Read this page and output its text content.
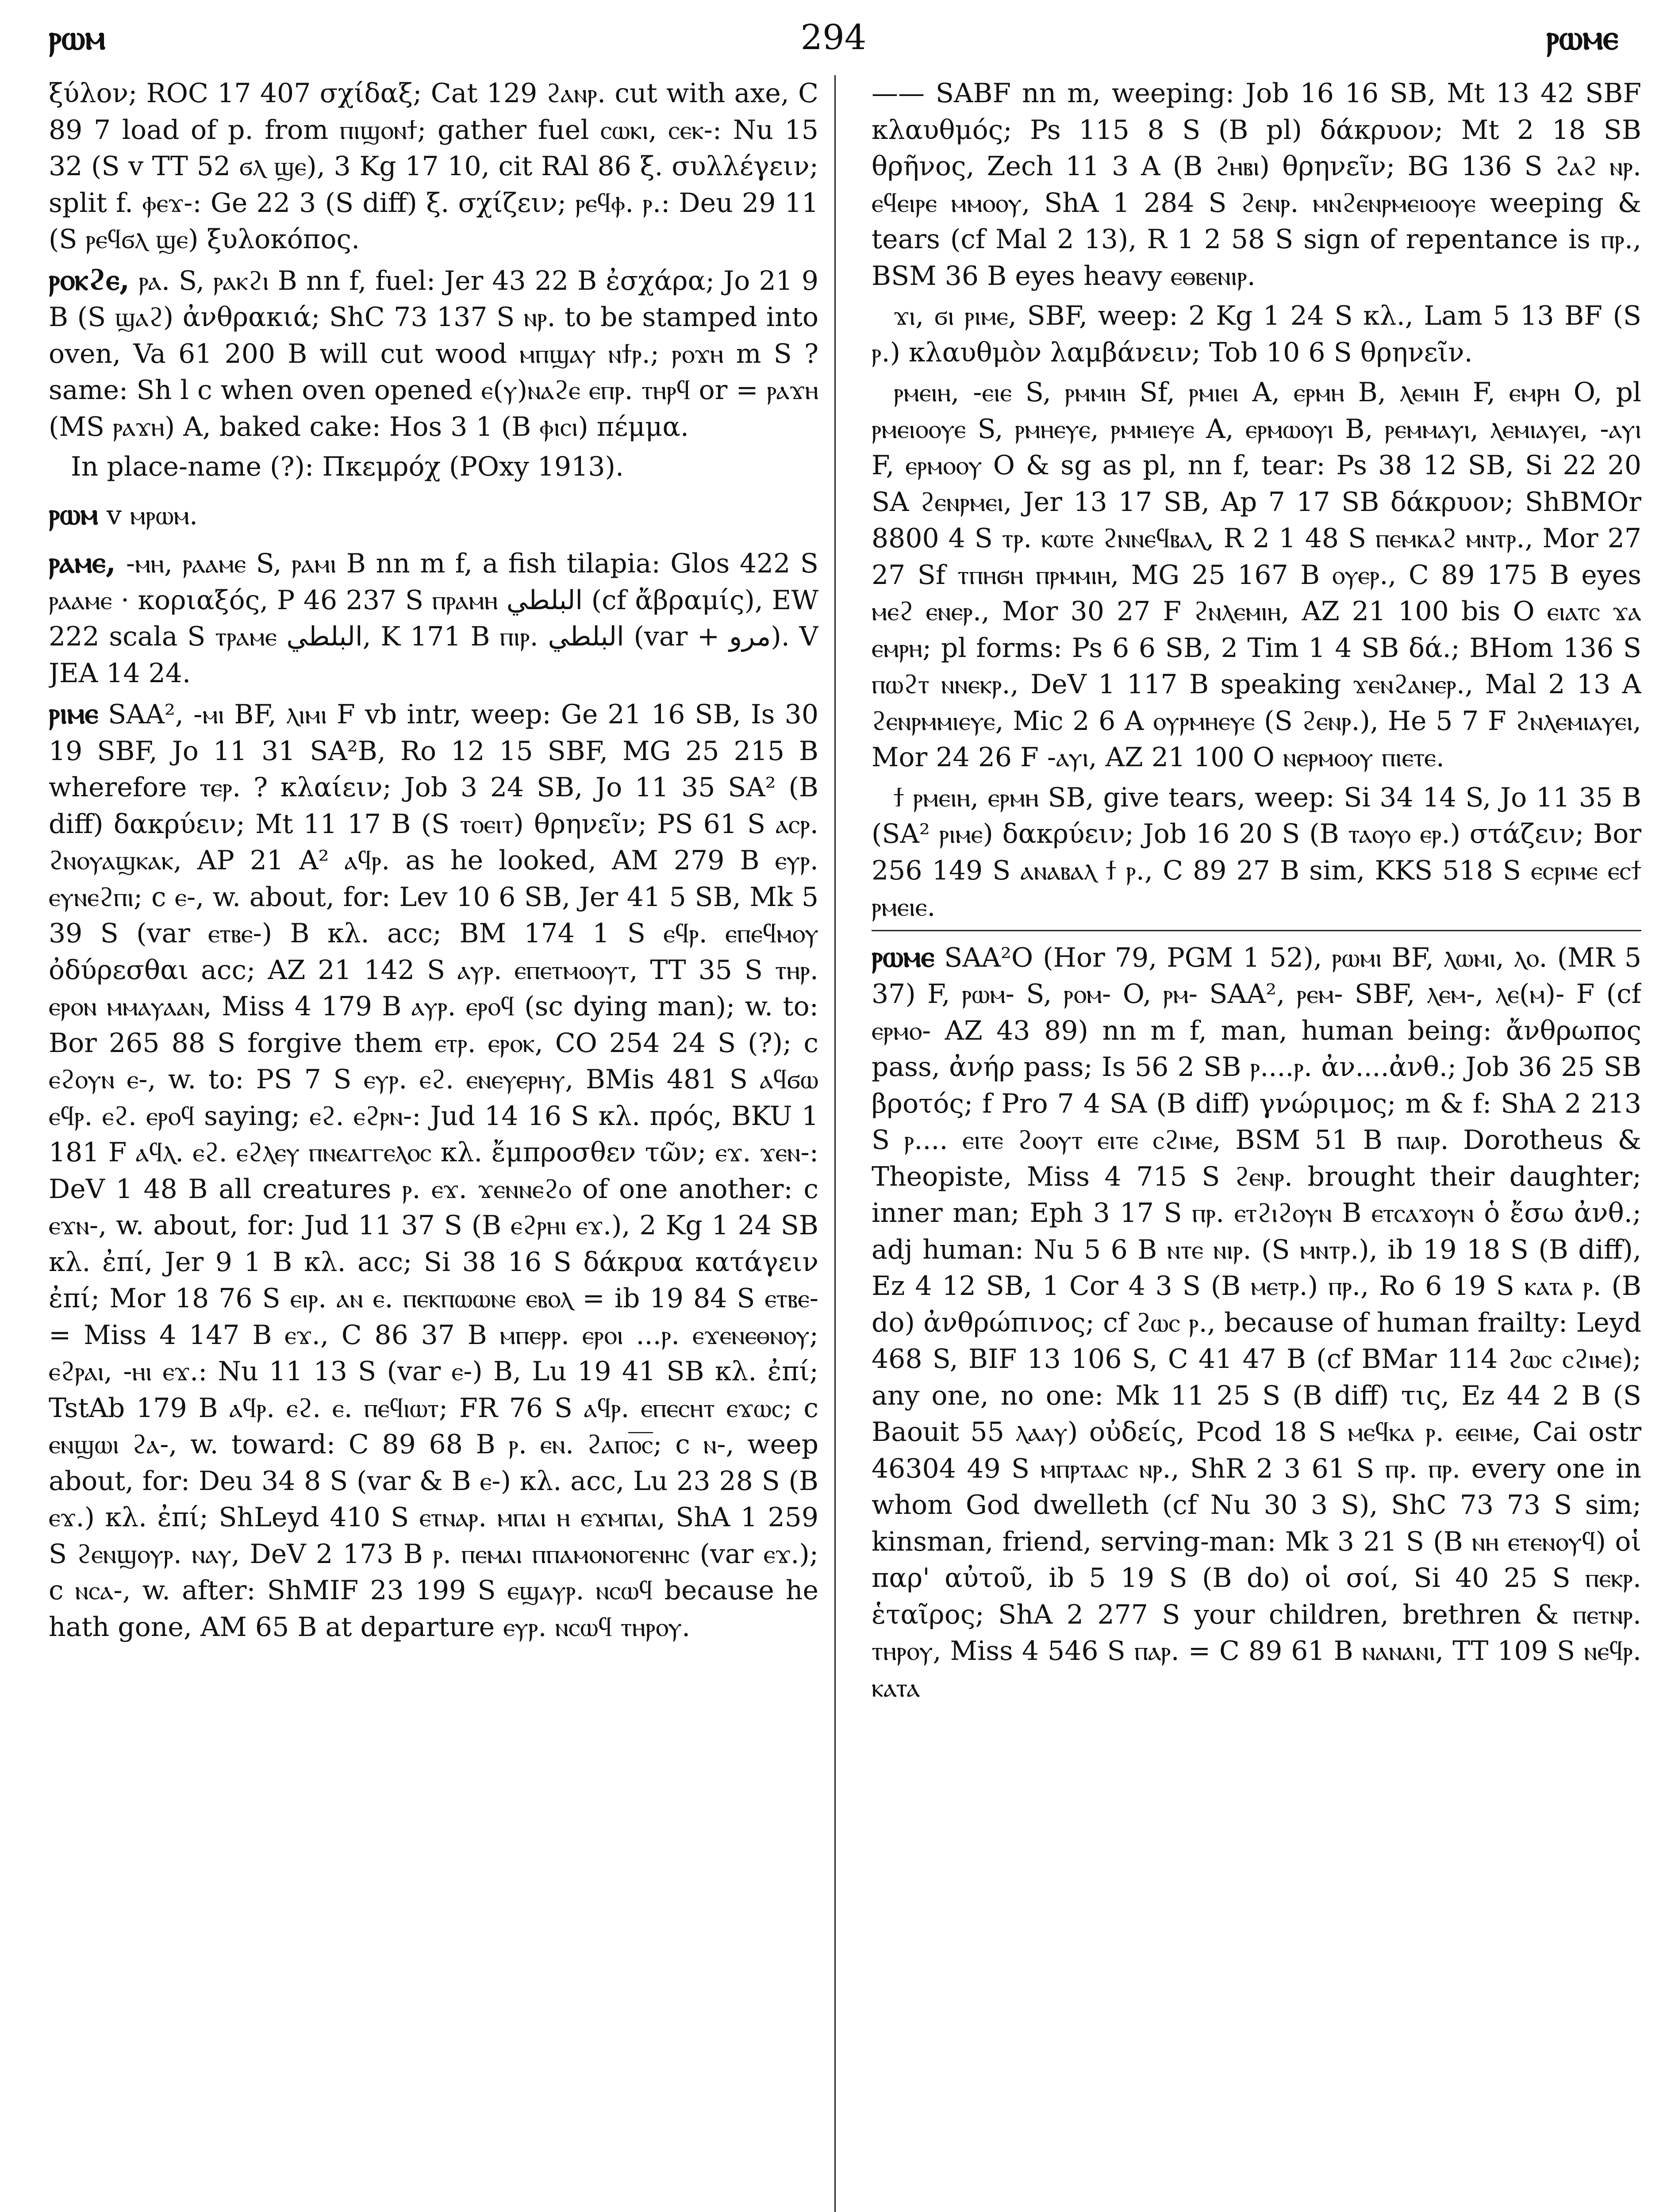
ⲣⲱⲙ	294	ⲣⲱⲙⲉ

ξύλον; ROC 17 407 σχίδαξ; Cat 129 ϩⲁⲛⲣ. cut with axe, C 89 7 load of p. from ⲡⲓϣⲟⲛϯ; gather fuel ⲥⲱⲕⲓ, ⲥⲉⲕ-: Nu 15 32 (S v TT 52 ϭⲗ ϣⲉ), 3 Kg 17 10, cit RAl 86 ξ. συλλέγειν; split f. ⲫⲉϫ-: Ge 22 3 (S diff) ξ. σχίζειν; ⲣⲉϥⲫ. ⲣ.: Deu 29 11 (S ⲣⲉϥϭⲗ ϣⲉ) ξυλοκόπος.

ⲣⲟⲕϩⲉ, ⲣⲁ. S, ⲣⲁⲕϩⲓ B nn f, fuel: Jer 43 22 B ἐσχάρα; Jo 21 9 B (S ϣⲁϩ) ἀνθρακιά; ShC 73 137 S ⲛⲣ. to be stamped into oven, Va 61 200 B will cut wood ⲙⲡϣⲁⲩ ⲛϯⲣ.; ⲣⲟϫⲏ m S ? same: Sh l c when oven opened ⲉ(ⲩ)ⲛⲁϩⲉ ⲉⲡⲣ. ⲧⲏⲣϥ or = ⲣⲁϫⲏ (MS ⲣⲁϫⲏ) A, baked cake: Hos 3 1 (B ⲫⲓⲥⲓ) πέμμα.

In place-name (?): Πκεμρόχ (POxy 1913).

ⲣⲱⲙ v ⲙⲣⲱⲙ.

ⲣⲁⲙⲉ, -ⲙⲏ, ⲣⲁⲁⲙⲉ S, ⲣⲁⲙⲓ B nn m f, a fish tilapia: Glos 422 S ⲣⲁⲁⲙⲉ · κοριαξός, P 46 237 S ⲡⲣⲁⲙⲏ البلطي (cf ἄβραμίς), EW 222 scala S ⲧⲣⲁⲙⲉ البلطي, K 171 B ⲡⲓⲣ. البلطي (var + مرو). V JEA 14 24.

ⲣⲓⲙⲉ SAA², -ⲙⲓ BF, ⲗⲓⲙⲓ F vb intr, weep: Ge 21 16 SB, Is 30 19 SBF, Jo 11 31 SA²B, Ro 12 15 SBF, MG 25 215 B wherefore ⲧⲉⲣ. ? κλαίειν; Job 3 24 SB, Jo 11 35 SA² (B diff) δακρύειν; Mt 11 17 B (S ⲧⲟⲉⲓⲧ) θρηνεῖν; PS 61 S ⲁⲥⲣ. ϩⲛⲟⲩⲁϣⲕⲁⲕ, AP 21 A² ⲁϥⲣ. as he looked, AM 279 B ⲉⲩⲣ. ⲉⲩⲛⲉϩⲡⲓ; c ⲉ-, w. about, for: Lev 10 6 SB, Jer 41 5 SB, Mk 5 39 S (var ⲉⲧⲃⲉ-) B κλ. acc; BM 174 1 S ⲉϥⲣ. ⲉⲡⲉϥⲙⲟⲩ ὀδύρεσθαι acc; AZ 21 142 S ⲁⲩⲣ. ⲉⲡⲉⲧⲙⲟⲟⲩⲧ, TT 35 S ⲧⲏⲣ. ⲉⲣⲟⲛ ⲙⲙⲁⲩⲁⲁⲛ, Miss 4 179 B ⲁⲩⲣ. ⲉⲣⲟϥ (sc dying man); w. to: Bor 265 88 S forgive them ⲉⲧⲣ. ⲉⲣⲟⲕ, CO 254 24 S (?); c ⲉϩⲟⲩⲛ ⲉ-, w. to: PS 7 S ⲉⲩⲣ. ⲉϩ. ⲉⲛⲉⲩⲉⲣⲏⲩ, BMis 481 S ⲁϥϭⲱ ⲉϥⲣ. ⲉϩ. ⲉⲣⲟϥ saying; ⲉϩ. ⲉϩⲣⲛ-: Jud 14 16 S κλ. πρός, BKU 1 181 F ⲁϥⲗ. ⲉϩ. ⲉϩⲗⲉⲩ ⲡⲛⲉⲁⲅⲅⲉⲗⲟⲥ κλ. ἔμπροσθεν τῶν; ⲉϫ. ϫⲉⲛ-: DeV 1 48 B all creatures ⲣ. ⲉϫ. ϫⲉⲛⲛⲉϩⲟ of one another: c ⲉϫⲛ-, w. about, for: Jud 11 37 S (B ⲉϩⲣⲏⲓ ⲉϫ.), 2 Kg 1 24 SB κλ. ἐπί, Jer 9 1 B κλ. acc; Si 38 16 S δάκρυα κατάγειν ἐπί; Mor 18 76 S ⲉⲓⲣ. ⲁⲛ ⲉ. ⲡⲉⲕⲡⲱⲱⲛⲉ ⲉⲃⲟⲗ = ib 19 84 S ⲉⲧⲃⲉ- = Miss 4 147 B ⲉϫ., C 86 37 B ⲙⲡⲉⲣⲣ. ⲉⲣⲟⲓ ...ⲣ. ⲉϫⲉⲛⲉⲑⲛⲟⲩ; ⲉϩⲣⲁⲓ, -ⲏⲓ ⲉϫ.: Nu 11 13 S (var ⲉ-) B, Lu 19 41 SB κλ. ἐπί; TstAb 179 B ⲁϥⲣ. ⲉϩ. ⲉ. ⲡⲉϥⲓⲱⲧ; FR 76 S ⲁϥⲣ. ⲉⲡⲉⲥⲏⲧ ⲉϫⲱⲥ; c ⲉⲛϣⲱⲓ ϩⲁ-, w. toward: C 89 68 B ⲣ. ⲉⲛ. ϩⲁⲡⲟ̅ⲥ̅; c ⲛ-, weep about, for: Deu 34 8 S (var & B ⲉ-) κλ. acc, Lu 23 28 S (B ⲉϫ.) κλ. ἐπί; ShLeyd 410 S ⲉⲧⲛⲁⲣ. ⲙⲡⲁⲓ ⲏ ⲉϫⲙⲡⲁⲓ, ShA 1 259 S ϩⲉⲛϣⲟⲩⲣ. ⲛⲁⲩ, DeV 2 173 B ⲣ. ⲡⲉⲙⲁⲓ ⲡⲡⲁⲙⲟⲛⲟⲅⲉⲛⲏⲥ (var ⲉϫ.); c ⲛⲥⲁ-, w. after: ShMIF 23 199 S ⲉϣⲁⲩⲣ. ⲛⲥⲱϥ because he hath gone, AM 65 B at departure ⲉⲩⲣ. ⲛⲥⲱϥ ⲧⲏⲣⲟⲩ.

—— SABF nn m, weeping: Job 16 16 SB, Mt 13 42 SBF κλαυθμός; Ps 115 8 S (B pl) δάκρυον; Mt 2 18 SB θρῆνος, Zech 11 3 A (B ϩⲏⲃⲓ) θρηνεῖν; BG 136 S ϩⲁϩ ⲛⲣ. ⲉϥⲉⲓⲣⲉ ⲙⲙⲟⲟⲩ, ShA 1 284 S ϩⲉⲛⲣ. ⲙⲛϩⲉⲛⲣⲙⲉⲓⲟⲟⲩⲉ weeping & tears (cf Mal 2 13), R 1 2 58 S sign of repentance is ⲡⲣ., BSM 36 B eyes heavy ⲉⲑⲃⲉⲛⲓⲣ.

ϫⲓ, ϭⲓ ⲣⲓⲙⲉ, SBF, weep: 2 Kg 1 24 S κλ., Lam 5 13 BF (S ⲣ.) κλαυθμὸν λαμβάνειν; Tob 10 6 S θρηνεῖν.

ⲣⲙⲉⲓⲏ, -ⲉⲓⲉ S, ⲣⲙⲙⲓⲏ Sf, ⲣⲙⲓⲉⲓ A, ⲉⲣⲙⲏ B, ⲗⲉⲙⲓⲏ F, ⲉⲙⲣⲏ O, pl ⲣⲙⲉⲓⲟⲟⲩⲉ S, ⲣⲙⲏⲉⲩⲉ, ⲣⲙⲙⲓⲉⲩⲉ A, ⲉⲣⲙⲱⲟⲩⲓ B, ⲣⲉⲙⲙⲁⲩⲓ, ⲗⲉⲙⲓⲁⲩⲉⲓ, -ⲁⲩⲓ F, ⲉⲣⲙⲟⲟⲩ O & sg as pl, nn f, tear: Ps 38 12 SB, Si 22 20 SA ϩⲉⲛⲣⲙⲉⲓ, Jer 13 17 SB, Ap 7 17 SB δάκρυον; ShBMOr 8800 4 S ⲧⲣ. ⲕⲱⲧⲉ ϩⲛⲛⲉϥⲃⲁⲗ, R 2 1 48 S ⲡⲉⲙⲕⲁϩ ⲙⲛⲧⲣ., Mor 27 27 Sf ⲧⲡⲏϭⲏ ⲡⲣⲙⲙⲓⲏ, MG 25 167 B ⲟⲩⲉⲣ., C 89 175 B eyes ⲙⲉϩ ⲉⲛⲉⲣ., Mor 30 27 F ϩⲛⲗⲉⲙⲓⲏ, AZ 21 100 bis O ⲉⲓⲁⲧⲥ ϫⲁ ⲉⲙⲣⲏ; pl forms: Ps 6 6 SB, 2 Tim 1 4 SB δά.; BHom 136 S ⲡⲱϩⲧ ⲛⲛⲉⲕⲣ., DeV 1 117 B speaking ϫⲉⲛϩⲁⲛⲉⲣ., Mal 2 13 A ϩⲉⲛⲣⲙⲙⲓⲉⲩⲉ, Mic 2 6 A ⲟⲩⲣⲙⲏⲉⲩⲉ (S ϩⲉⲛⲣ.), He 5 7 F ϩⲛⲗⲉⲙⲓⲁⲩⲉⲓ, Mor 24 26 F -ⲁⲩⲓ, AZ 21 100 O ⲛⲉⲣⲙⲟⲟⲩ ⲡⲓⲉⲧⲉ.

ϯ ⲣⲙⲉⲓⲏ, ⲉⲣⲙⲏ SB, give tears, weep: Si 34 14 S, Jo 11 35 B (SA² ⲣⲓⲙⲉ) δακρύειν; Job 16 20 S (B ⲧⲁⲟⲩⲟ ⲉⲣ.) στάζειν; Bor 256 149 S ⲁⲛⲁⲃⲁⲗ ϯ ⲣ., C 89 27 B sim, KKS 518 S ⲉⲥⲣⲓⲙⲉ ⲉⲥϯ ⲣⲙⲉⲓⲉ.

ⲣⲱⲙⲉ SAA²O (Hor 79, PGM 1 52), ⲣⲱⲙⲓ BF, ⲗⲱⲙⲓ, ⲗⲟ. (MR 5 37) F, ⲣⲱⲙ- S, ⲣⲟⲙ- O, ⲣⲙ- SAA², ⲣⲉⲙ- SBF, ⲗⲉⲙ-, ⲗⲉ(ⲙ)- F (cf ⲉⲣⲙⲟ- AZ 43 89) nn m f, man, human being: ἄνθρωπος pass, ἀνήρ pass; Is 56 2 SB ⲣ....ⲣ. ἀν....ἀνθ.; Job 36 25 SB βροτός; f Pro 7 4 SA (B diff) γνώριμος; m & f: ShA 2 213 S ⲣ.... ⲉⲓⲧⲉ ϩⲟⲟⲩⲧ ⲉⲓⲧⲉ ⲥϩⲓⲙⲉ, BSM 51 B ⲡⲁⲓⲣ. Dorotheus & Theopiste, Miss 4 715 S ϩⲉⲛⲣ. brought their daughter; inner man; Eph 3 17 S ⲡⲣ. ⲉⲧϩⲓϩⲟⲩⲛ B ⲉⲧⲥⲁϫⲟⲩⲛ ὁ ἔσω ἀνθ.; adj human: Nu 5 6 B ⲛⲧⲉ ⲛⲓⲣ. (S ⲙⲛⲧⲣ.), ib 19 18 S (B diff), Ez 4 12 SB, 1 Cor 4 3 S (B ⲙⲉⲧⲣ.) ⲡⲣ., Ro 6 19 S ⲕⲁⲧⲁ ⲣ. (B do) ἀνθρώπινος; cf ϩⲱⲥ ⲣ., because of human frailty: Leyd 468 S, BIF 13 106 S, C 41 47 B (cf BMar 114 ϩⲱⲥ ⲥϩⲓⲙⲉ); any one, no one: Mk 11 25 S (B diff) τις, Ez 44 2 B (S Baouit 55 ⲗⲁⲁⲩ) οὐδείς, Pcod 18 S ⲙⲉϥⲕⲁ ⲣ. ⲉⲉⲓⲙⲉ, Cai ostr 46304 49 S ⲙⲡⲣⲧⲁⲁⲥ ⲛⲣ., ShR 2 3 61 S ⲡⲣ. ⲡⲣ. every one in whom God dwelleth (cf Nu 30 3 S), ShC 73 73 S sim; kinsman, friend, serving-man: Mk 3 21 S (B ⲛⲏ ⲉⲧⲉⲛⲟⲩϥ) οἱ παρ' αὐτοῦ, ib 5 19 S (B do) οἱ σοί, Si 40 25 S ⲡⲉⲕⲣ. ἑταῖρος; ShA 2 277 S your children, brethren & ⲡⲉⲧⲛⲣ. ⲧⲏⲣⲟⲩ, Miss 4 546 S ⲡⲁⲣ. = C 89 61 B ⲛⲁⲛⲁⲛⲓ, TT 109 S ⲛⲉϥⲣ. ⲕⲁⲧⲁ
